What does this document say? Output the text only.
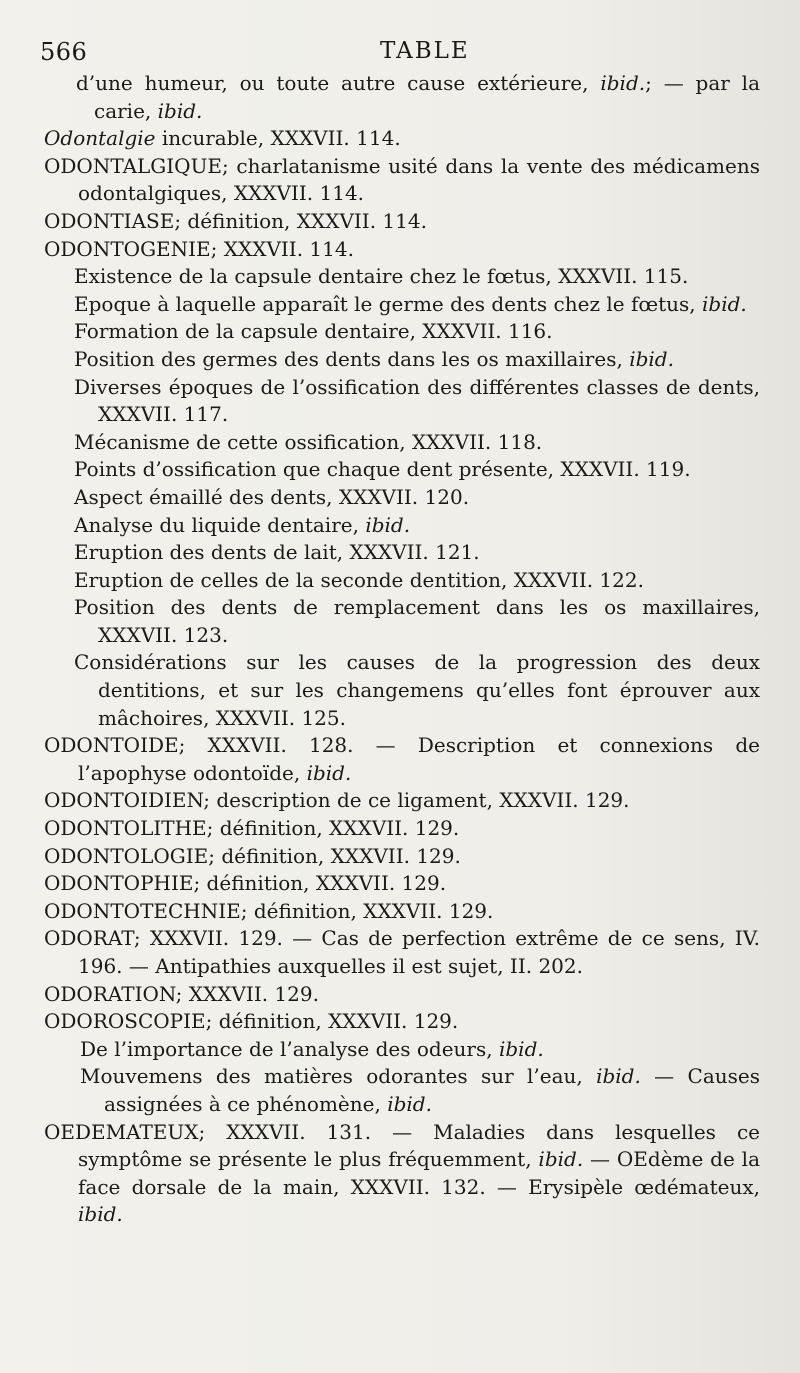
566	TABLE

d’une humeur, ou toute autre cause extérieure, ibid.; — par la carie, ibid.

Odontalgie incurable, XXXVII. 114.

ODONTALGIQUE; charlatanisme usité dans la vente des médicamens odontalgiques, XXXVII. 114.

ODONTIASE; définition, XXXVII. 114.

ODONTOGENIE; XXXVII. 114.

Existence de la capsule dentaire chez le fœtus, XXXVII. 115.

Epoque à laquelle apparaît le germe des dents chez le fœtus, ibid.

Formation de la capsule dentaire, XXXVII. 116.

Position des germes des dents dans les os maxillaires, ibid.

Diverses époques de l’ossification des différentes classes de dents, XXXVII. 117.

Mécanisme de cette ossification, XXXVII. 118.

Points d’ossification que chaque dent présente, XXXVII. 119.

Aspect émaillé des dents, XXXVII. 120.

Analyse du liquide dentaire, ibid.

Eruption des dents de lait, XXXVII. 121.

Eruption de celles de la seconde dentition, XXXVII. 122.

Position des dents de remplacement dans les os maxillaires, XXXVII. 123.

Considérations sur les causes de la progression des deux dentitions, et sur les changemens qu’elles font éprouver aux mâchoires, XXXVII. 125.

ODONTOIDE; XXXVII. 128. — Description et connexions de l’apophyse odontoïde, ibid.

ODONTOIDIEN; description de ce ligament, XXXVII. 129.

ODONTOLITHE; définition, XXXVII. 129.

ODONTOLOGIE; définition, XXXVII. 129.

ODONTOPHIE; définition, XXXVII. 129.

ODONTOTECHNIE; définition, XXXVII. 129.

ODORAT; XXXVII. 129. — Cas de perfection extrême de ce sens, IV. 196. — Antipathies auxquelles il est sujet, II. 202.

ODORATION; XXXVII. 129.

ODOROSCOPIE; définition, XXXVII. 129.

De l’importance de l’analyse des odeurs, ibid.

Mouvemens des matières odorantes sur l’eau, ibid. — Causes assignées à ce phénomène, ibid.

OEDEMATEUX; XXXVII. 131. — Maladies dans lesquelles ce symptôme se présente le plus fréquemment, ibid. — OEdème de la face dorsale de la main, XXXVII. 132. — Erysipèle œdémateux, ibid.
